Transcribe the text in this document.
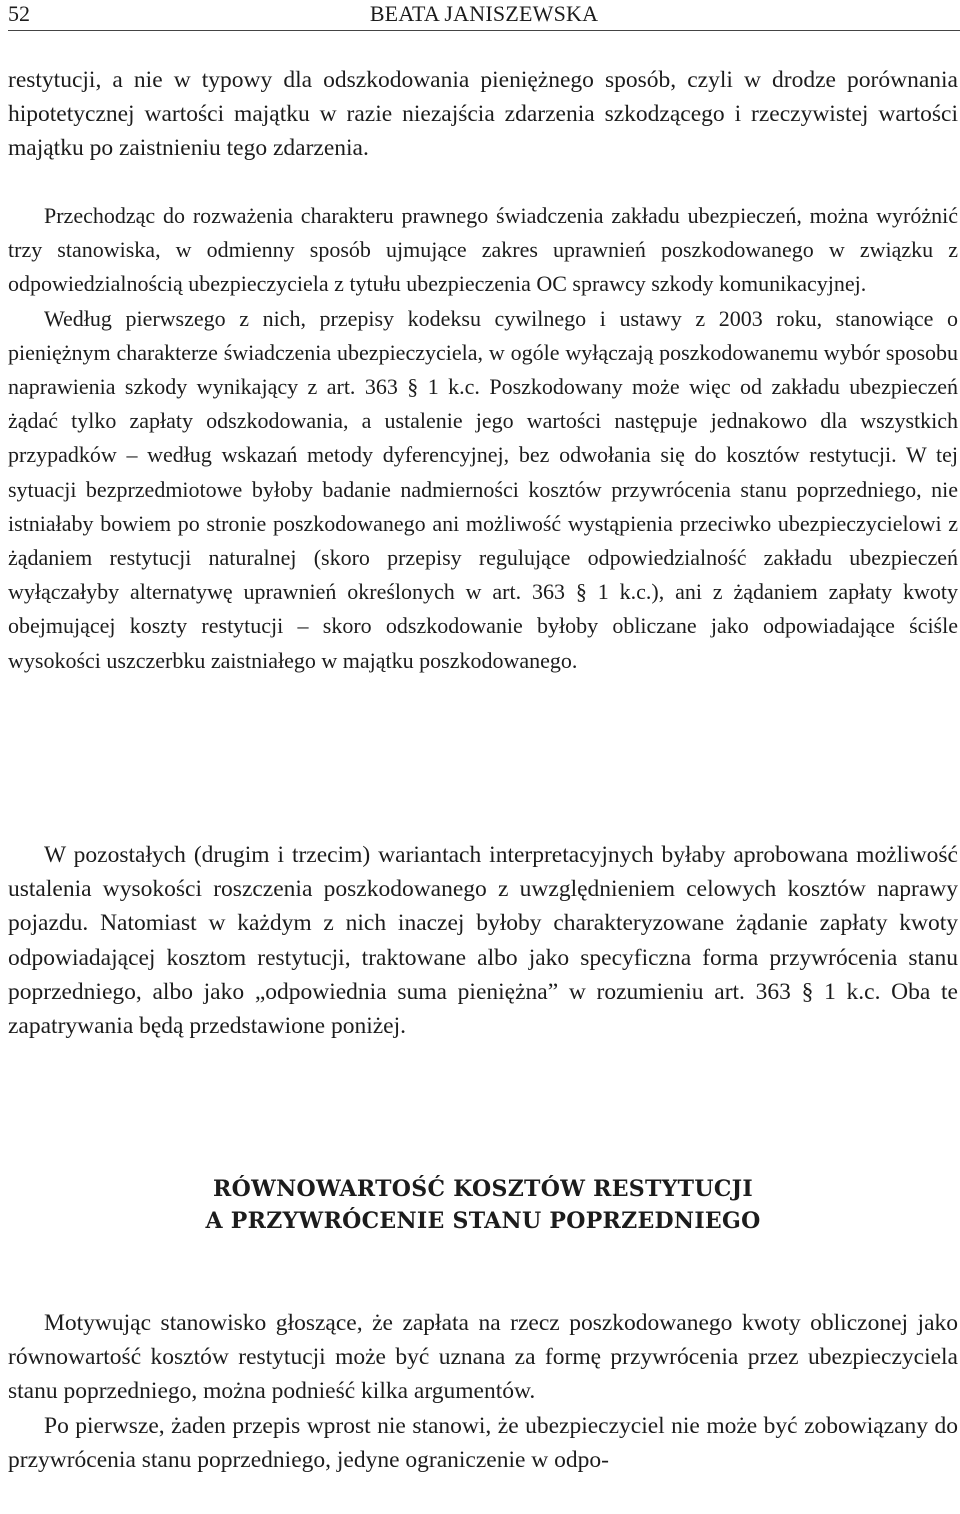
52	BEATA JANISZEWSKA

restytucji, a nie w typowy dla odszkodowania pieniężnego sposób, czyli w drodze porównania hipotetycznej wartości majątku w razie niezajścia zdarzenia szkodzącego i rzeczywistej wartości majątku po zaistnieniu tego zdarzenia.

Przechodząc do rozważenia charakteru prawnego świadczenia zakładu ubezpieczeń, można wyróżnić trzy stanowiska, w odmienny sposób ujmujące zakres uprawnień poszkodowanego w związku z odpowiedzialnością ubezpieczyciela z tytułu ubezpieczenia OC sprawcy szkody komunikacyjnej.

Według pierwszego z nich, przepisy kodeksu cywilnego i ustawy z 2003 roku, stanowiące o pieniężnym charakterze świadczenia ubezpieczyciela, w ogóle wyłączają poszkodowanemu wybór sposobu naprawienia szkody wynikający z art. 363 § 1 k.c. Poszkodowany może więc od zakładu ubezpieczeń żądać tylko zapłaty odszkodowania, a ustalenie jego wartości następuje jednakowo dla wszystkich przypadków – według wskazań metody dyferencyjnej, bez odwołania się do kosztów restytucji. W tej sytuacji bezprzedmiotowe byłoby badanie nadmierności kosztów przywrócenia stanu poprzedniego, nie istniałaby bowiem po stronie poszkodowanego ani możliwość wystąpienia przeciwko ubezpieczycielowi z żądaniem restytucji naturalnej (skoro przepisy regulujące odpowiedzialność zakładu ubezpieczeń wyłączałyby alternatywę uprawnień określonych w art. 363 § 1 k.c.), ani z żądaniem zapłaty kwoty obejmującej koszty restytucji – skoro odszkodowanie byłoby obliczane jako odpowiadające ściśle wysokości uszczerbku zaistniałego w majątku poszkodowanego.

W pozostałych (drugim i trzecim) wariantach interpretacyjnych byłaby aprobowana możliwość ustalenia wysokości roszczenia poszkodowanego z uwzględnieniem celowych kosztów naprawy pojazdu. Natomiast w każdym z nich inaczej byłoby charakteryzowane żądanie zapłaty kwoty odpowiadającej kosztom restytucji, traktowane albo jako specyficzna forma przywrócenia stanu poprzedniego, albo jako „odpowiednia suma pieniężna” w rozumieniu art. 363 § 1 k.c. Oba te zapatrywania będą przedstawione poniżej.

RÓWNOWARTOŚĆ KOSZTÓW RESTYTUCJI
A PRZYWRÓCENIE STANU POPRZEDNIEGO

Motywując stanowisko głoszące, że zapłata na rzecz poszkodowanego kwoty obliczonej jako równowartość kosztów restytucji może być uznana za formę przywrócenia przez ubezpieczyciela stanu poprzedniego, można podnieść kilka argumentów.

Po pierwsze, żaden przepis wprost nie stanowi, że ubezpieczyciel nie może być zobowiązany do przywrócenia stanu poprzedniego, jedyne ograniczenie w odpo-
